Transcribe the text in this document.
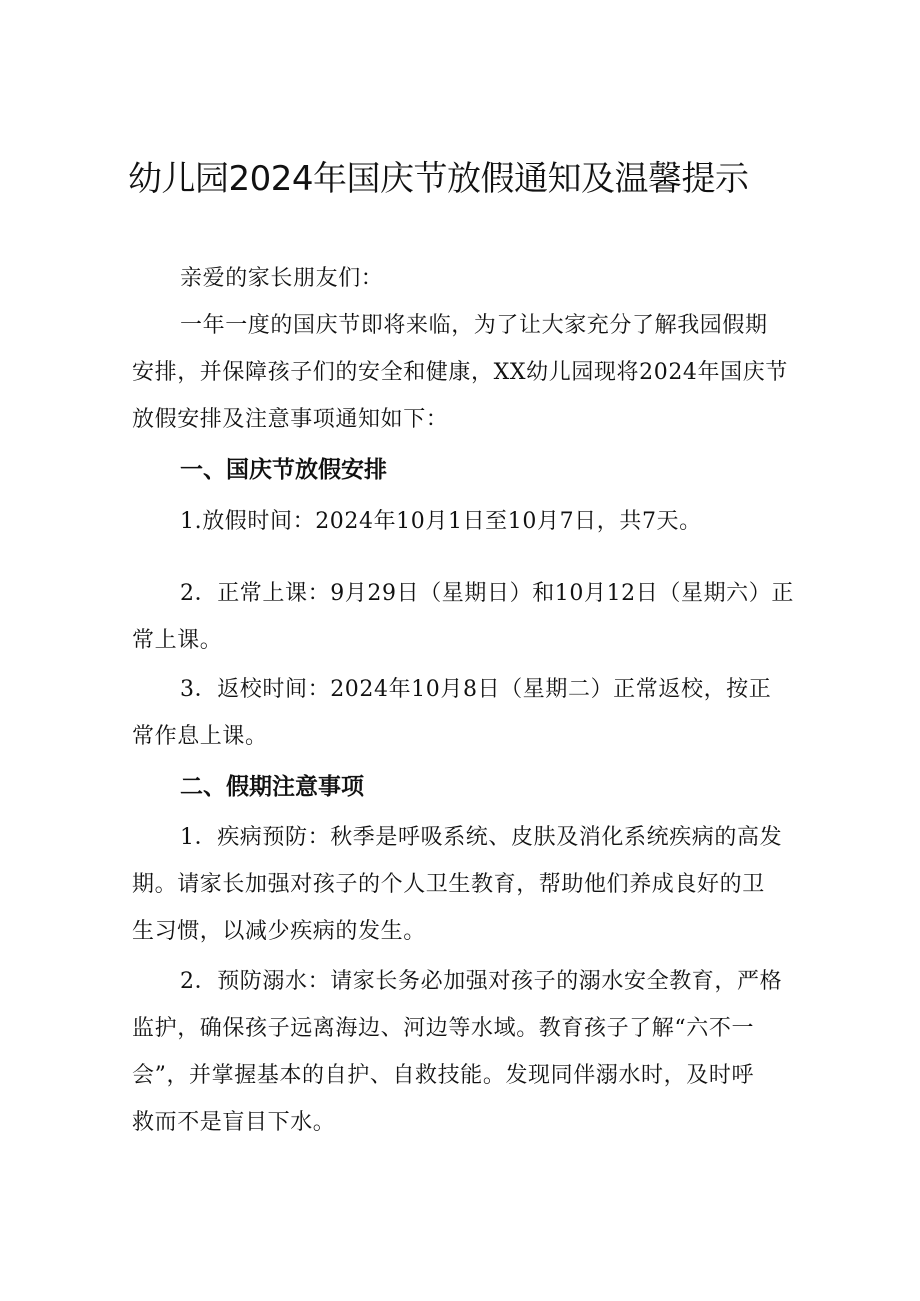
幼儿园2024年国庆节放假通知及温馨提示

亲爱的家长朋友们：

一年一度的国庆节即将来临，为了让大家充分了解我园假期
安排，并保障孩子们的安全和健康，XX幼儿园现将2024年国庆节
放假安排及注意事项通知如下：

一、国庆节放假安排

1.放假时间：2024年10月1日至10月7日，共7天。

2．正常上课：9月29日（星期日）和10月12日（星期六）正
常上课。

3．返校时间：2024年10月8日（星期二）正常返校，按正
常作息上课。

二、假期注意事项

1．疾病预防：秋季是呼吸系统、皮肤及消化系统疾病的高发
期。请家长加强对孩子的个人卫生教育，帮助他们养成良好的卫
生习惯，以减少疾病的发生。

2．预防溺水：请家长务必加强对孩子的溺水安全教育，严格
监护，确保孩子远离海边、河边等水域。教育孩子了解“六不一
会”，并掌握基本的自护、自救技能。发现同伴溺水时，及时呼
救而不是盲目下水。
